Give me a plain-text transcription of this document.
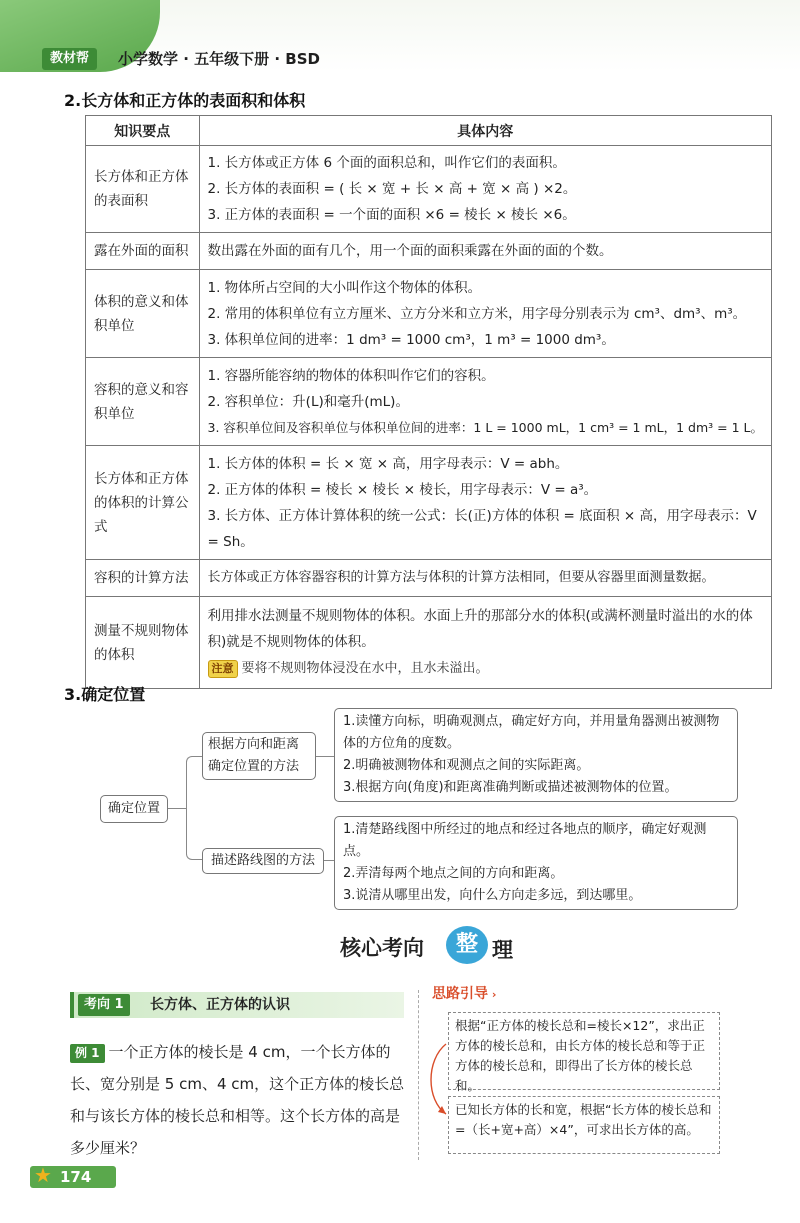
教材帮	小学数学 · 五年级下册 · BSD
2.长方体和正方体的表面积和体积
知识要点	具体内容
长方体和正方体的表面积	1. 长方体或正方体 6 个面的面积总和，叫作它们的表面积。
2. 长方体的表面积 = ( 长 × 宽 + 长 × 高 + 宽 × 高 ) ×2。
3. 正方体的表面积 = 一个面的面积 ×6 = 棱长 × 棱长 ×6。

露在外面的面积	数出露在外面的面有几个，用一个面的面积乘露在外面的面的个数。

体积的意义和体积单位	1. 物体所占空间的大小叫作这个物体的体积。
2. 常用的体积单位有立方厘米、立方分米和立方米，用字母分别表示为 cm³、dm³、m³。
3. 体积单位间的进率：1 dm³ = 1000 cm³，1 m³ = 1000 dm³。

容积的意义和容积单位	1. 容器所能容纳的物体的体积叫作它们的容积。
2. 容积单位：升(L)和毫升(mL)。
3. 容积单位间及容积单位与体积单位间的进率：1 L = 1000 mL，1 cm³ = 1 mL，1 dm³ = 1 L。

长方体和正方体的体积的计算公式	1. 长方体的体积 = 长 × 宽 × 高，用字母表示：V = abh。
2. 正方体的体积 = 棱长 × 棱长 × 棱长，用字母表示：V = a³。
3. 长方体、正方体计算体积的统一公式：长(正)方体的体积 = 底面积 × 高，用字母表示：V = Sh。

容积的计算方法	长方体或正方体容器容积的计算方法与体积的计算方法相同，但要从容器里面测量数据。

测量不规则物体的体积	利用排水法测量不规则物体的体积。水面上升的那部分水的体积(或满杯测量时溢出的水的体积)就是不规则物体的体积。
注意 要将不规则物体浸没在水中，且水未溢出。
3.确定位置
确定位置
根据方向和距离确定位置的方法
1.读懂方向标，明确观测点，确定好方向，并用量角器测出被测物体的方位角的度数。
2.明确被测物体和观测点之间的实际距离。
3.根据方向(角度)和距离准确判断或描述被测物体的位置。
描述路线图的方法
1.清楚路线图中所经过的地点和经过各地点的顺序，确定好观测点。
2.弄清每两个地点之间的方向和距离。
3.说清从哪里出发，向什么方向走多远，到达哪里。
核心考向	整 理
考向 1	长方体、正方体的认识
例 1 一个正方体的棱长是 4 cm，一个长方体的长、宽分别是 5 cm、4 cm，这个正方体的棱长总和与该长方体的棱长总和相等。这个长方体的高是多少厘米？
思路引导 ›
根据“正方体的棱长总和=棱长×12”，求出正方体的棱长总和，由长方体的棱长总和等于正方体的棱长总和，即得出了长方体的棱长总和。
已知长方体的长和宽，根据“长方体的棱长总和=（长+宽+高）×4”，可求出长方体的高。
174
★
